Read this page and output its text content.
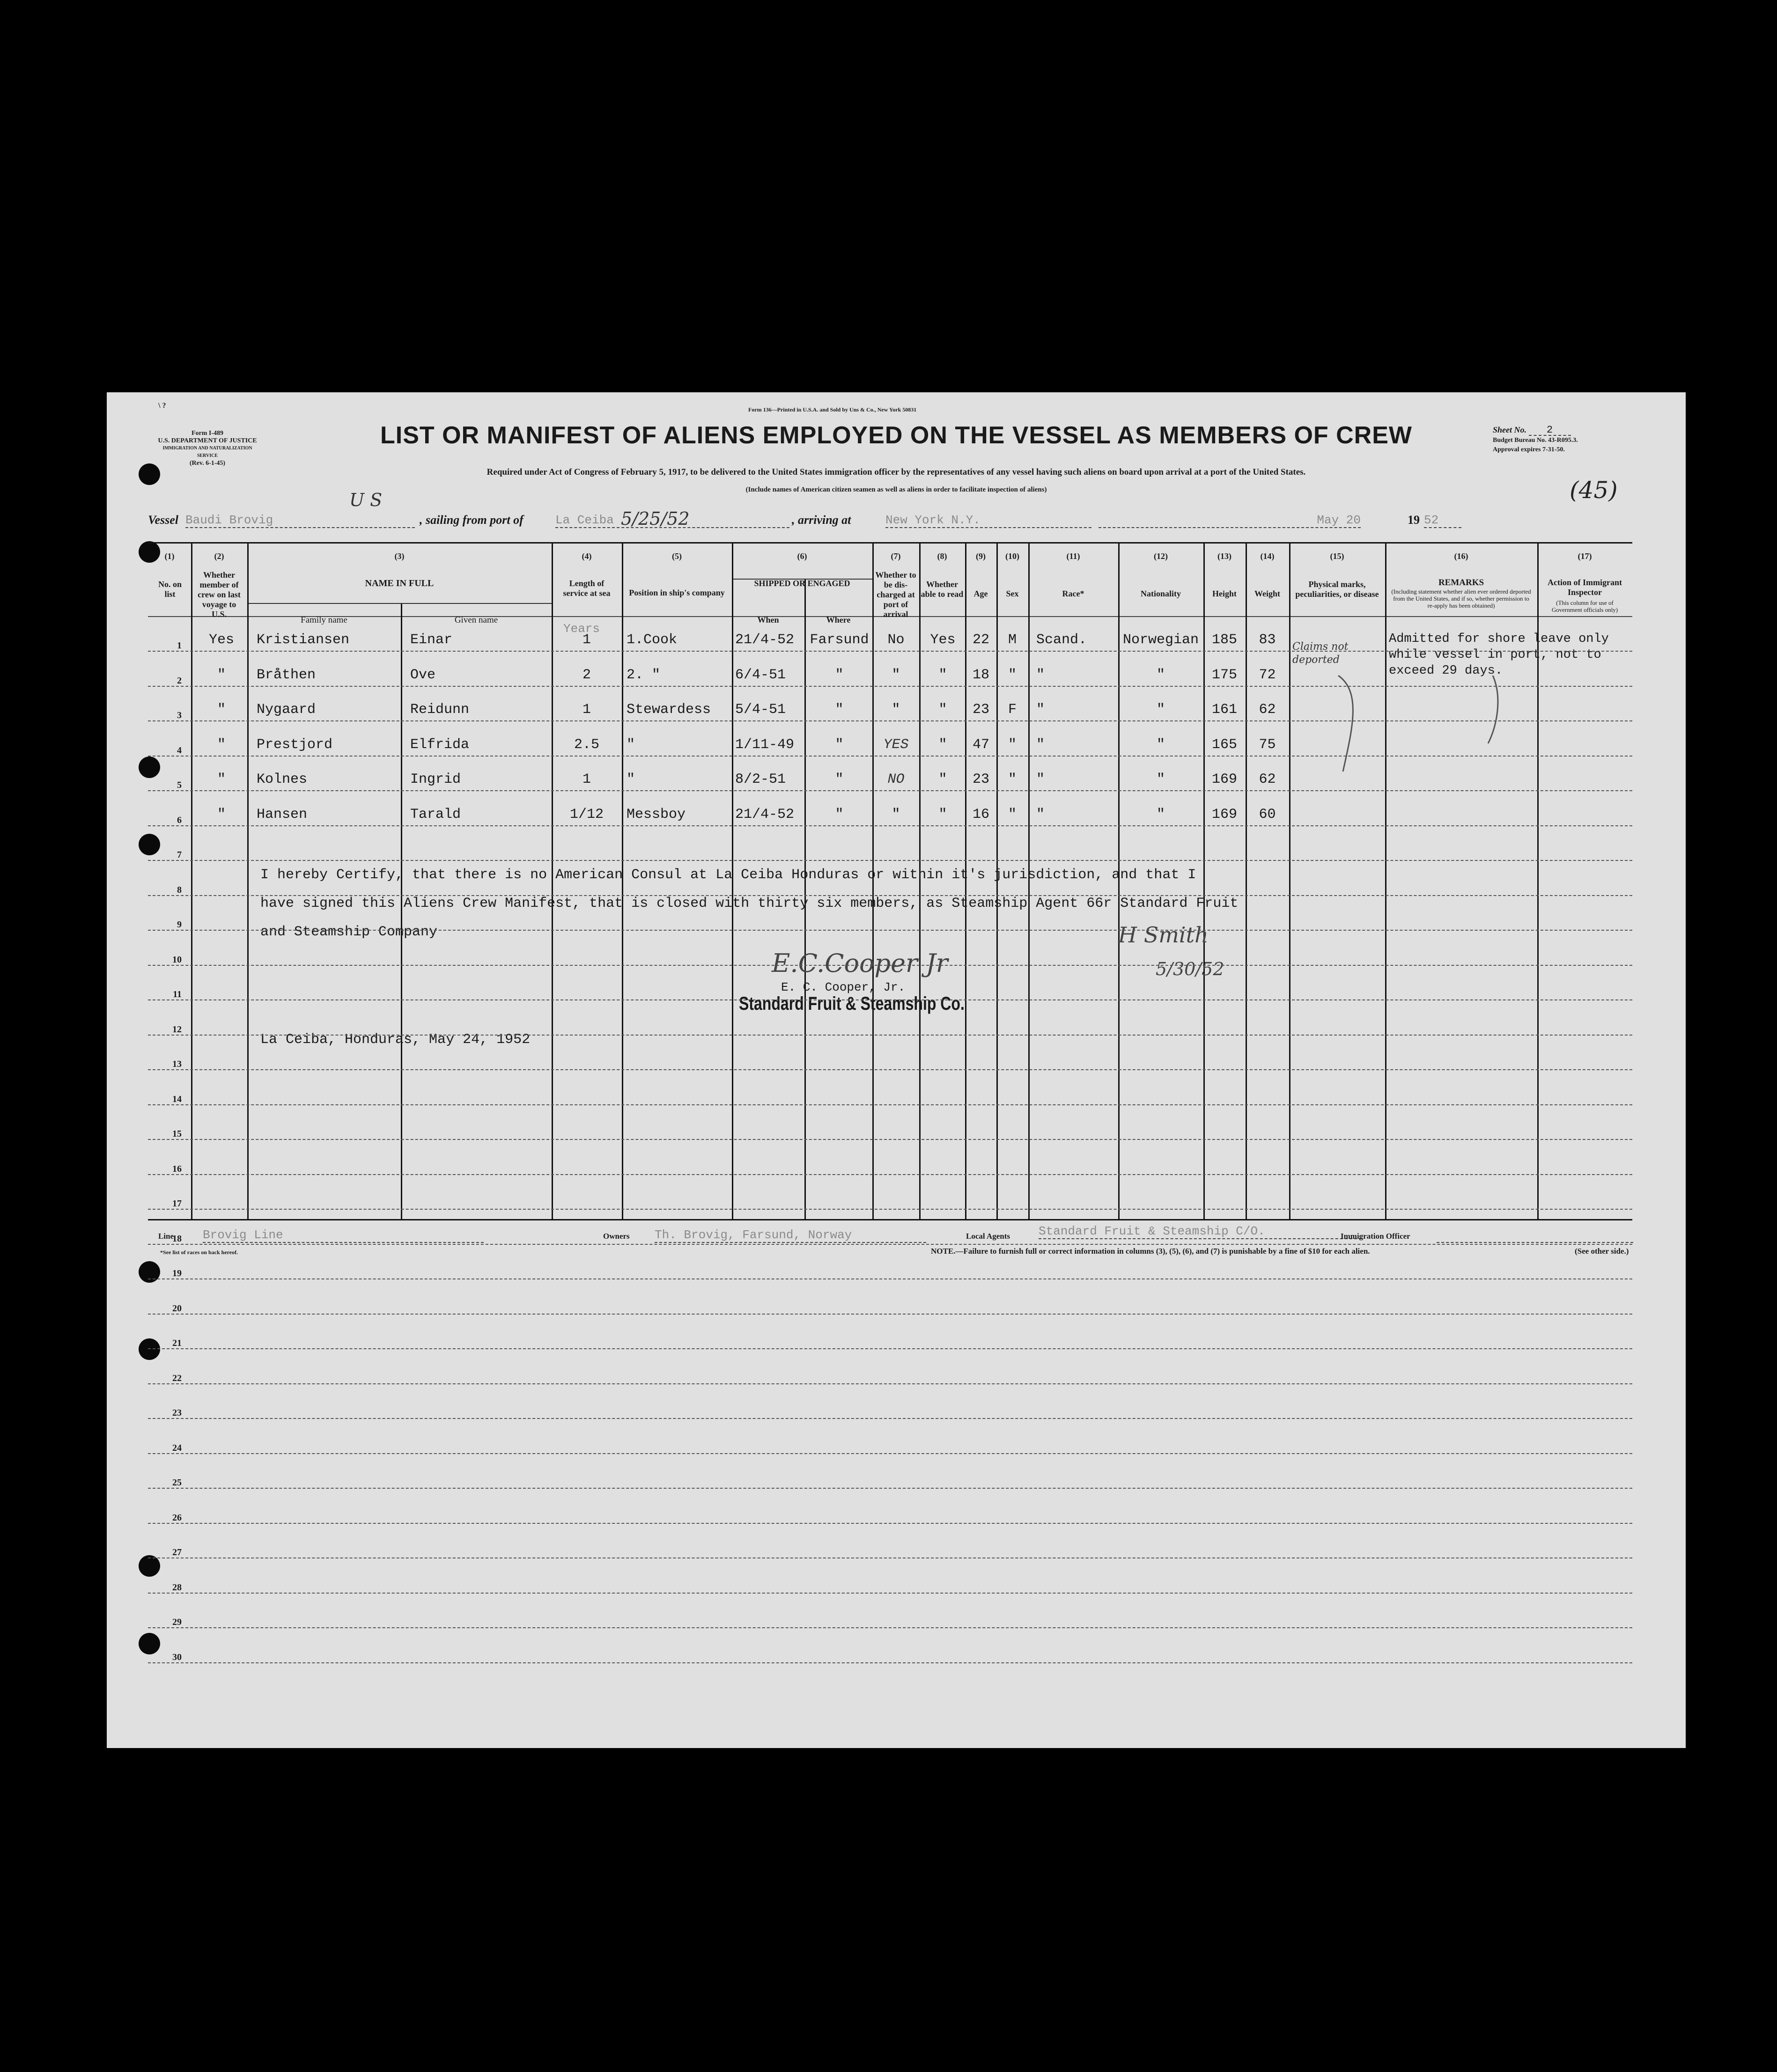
\ ?	Form 136—Printed in U.S.A. and Sold by Uns & Co., New York 50831
Form I-489
U.S. DEPARTMENT OF JUSTICE
IMMIGRATION AND NATURALIZATION SERVICE
(Rev. 6-1-45)
LIST OR MANIFEST OF ALIENS EMPLOYED ON THE VESSEL AS MEMBERS OF CREW
Required under Act of Congress of February 5, 1917, to be delivered to the United States immigration officer by the representatives of any vessel having such aliens on board upon arrival at a port of the United States.
(Include names of American citizen seamen as well as aliens in order to facilitate inspection of aliens)
Sheet No. 2
Budget Bureau No. 43-R095.3.
Approval expires 7-31-50.
(45)
Vessel Baudi Brovig
U S
, sailing from port of	La Ceiba 5/25/52	, arriving at	New York N.Y.	May 20	19 52
(1)	(2)	(3)	(4)	(5)	(6)	(7)	(8)	(9)	(10)	(11)	(12)	(13)	(14)	(15)	(16)	(17)
No. on list
Whether member of crew on last voyage to U.S.
NAME IN FULL
Family name	Given name
Length of service at sea	Position in ship's company
SHIPPED OR ENGAGED
When	Where
Whether to be dis-charged at port of arrival
Whether able to read	Age	Sex	Race*	Nationality	Height	Weight
Physical marks, peculiarities, or disease
REMARKS
(Including statement whether alien ever ordered deported from the United States, and if so, whether permission to re-apply has been obtained)
Action of Immigrant Inspector
(This column for use of Government officials only)
Years
Yes	Kristiansen	Einar	1	1.Cook	21/4-52	Farsund	No	Yes	22	M	Scand.	Norwegian 185	83
"	Bråthen	Ove	2	2. "	6/4-51	"	"	"	18	"	"	"	175	72
"	Nygaard	Reidunn	1	Stewardess 5/4-51	"	"	"	23	F	"	"	161	62
"	Prestjord	Elfrida	2.5	"	1/11-49	"	YES	"	47	"	"	"	165	75
"	Kolnes	Ingrid	1	"	8/2-51	"	NO	"	23	"	"	"	169	62
"	Hansen	Tarald	1/12	Messboy	21/4-52	"	"	"	16	"	"	"	169	60
Claims not deported
Admitted for shore leave only
while vessel in port, not to
exceed 29 days.
I hereby Certify, that there is no American Consul at La Ceiba Honduras or within it's jurisdiction, and that I
have signed this Aliens Crew Manifest, that is closed with thirty six members, as Steamship Agent 66r Standard Fruit
and Steamship Company
La Ceiba, Honduras, May 24, 1952
E.C.Cooper Jr
E. C. Cooper, Jr.
Standard Fruit & Steamship Co.
H Smith
5/30/52
Line Brovig Line	Owners Th. Brovig, Farsund, Norway	Local Agents Standard Fruit & Steamship C/O.	Immigration Officer
*See list of races on back hereof.	NOTE.—Failure to furnish full or correct information in columns (3), (5), (6), and (7) is punishable by a fine of $10 for each alien.	(See other side.)
1
2
3
4
5
6
7
8
9
10
11
12
13
14
15
16
17
18
19
20
21
22
23
24
25
26
27
28
29
30
